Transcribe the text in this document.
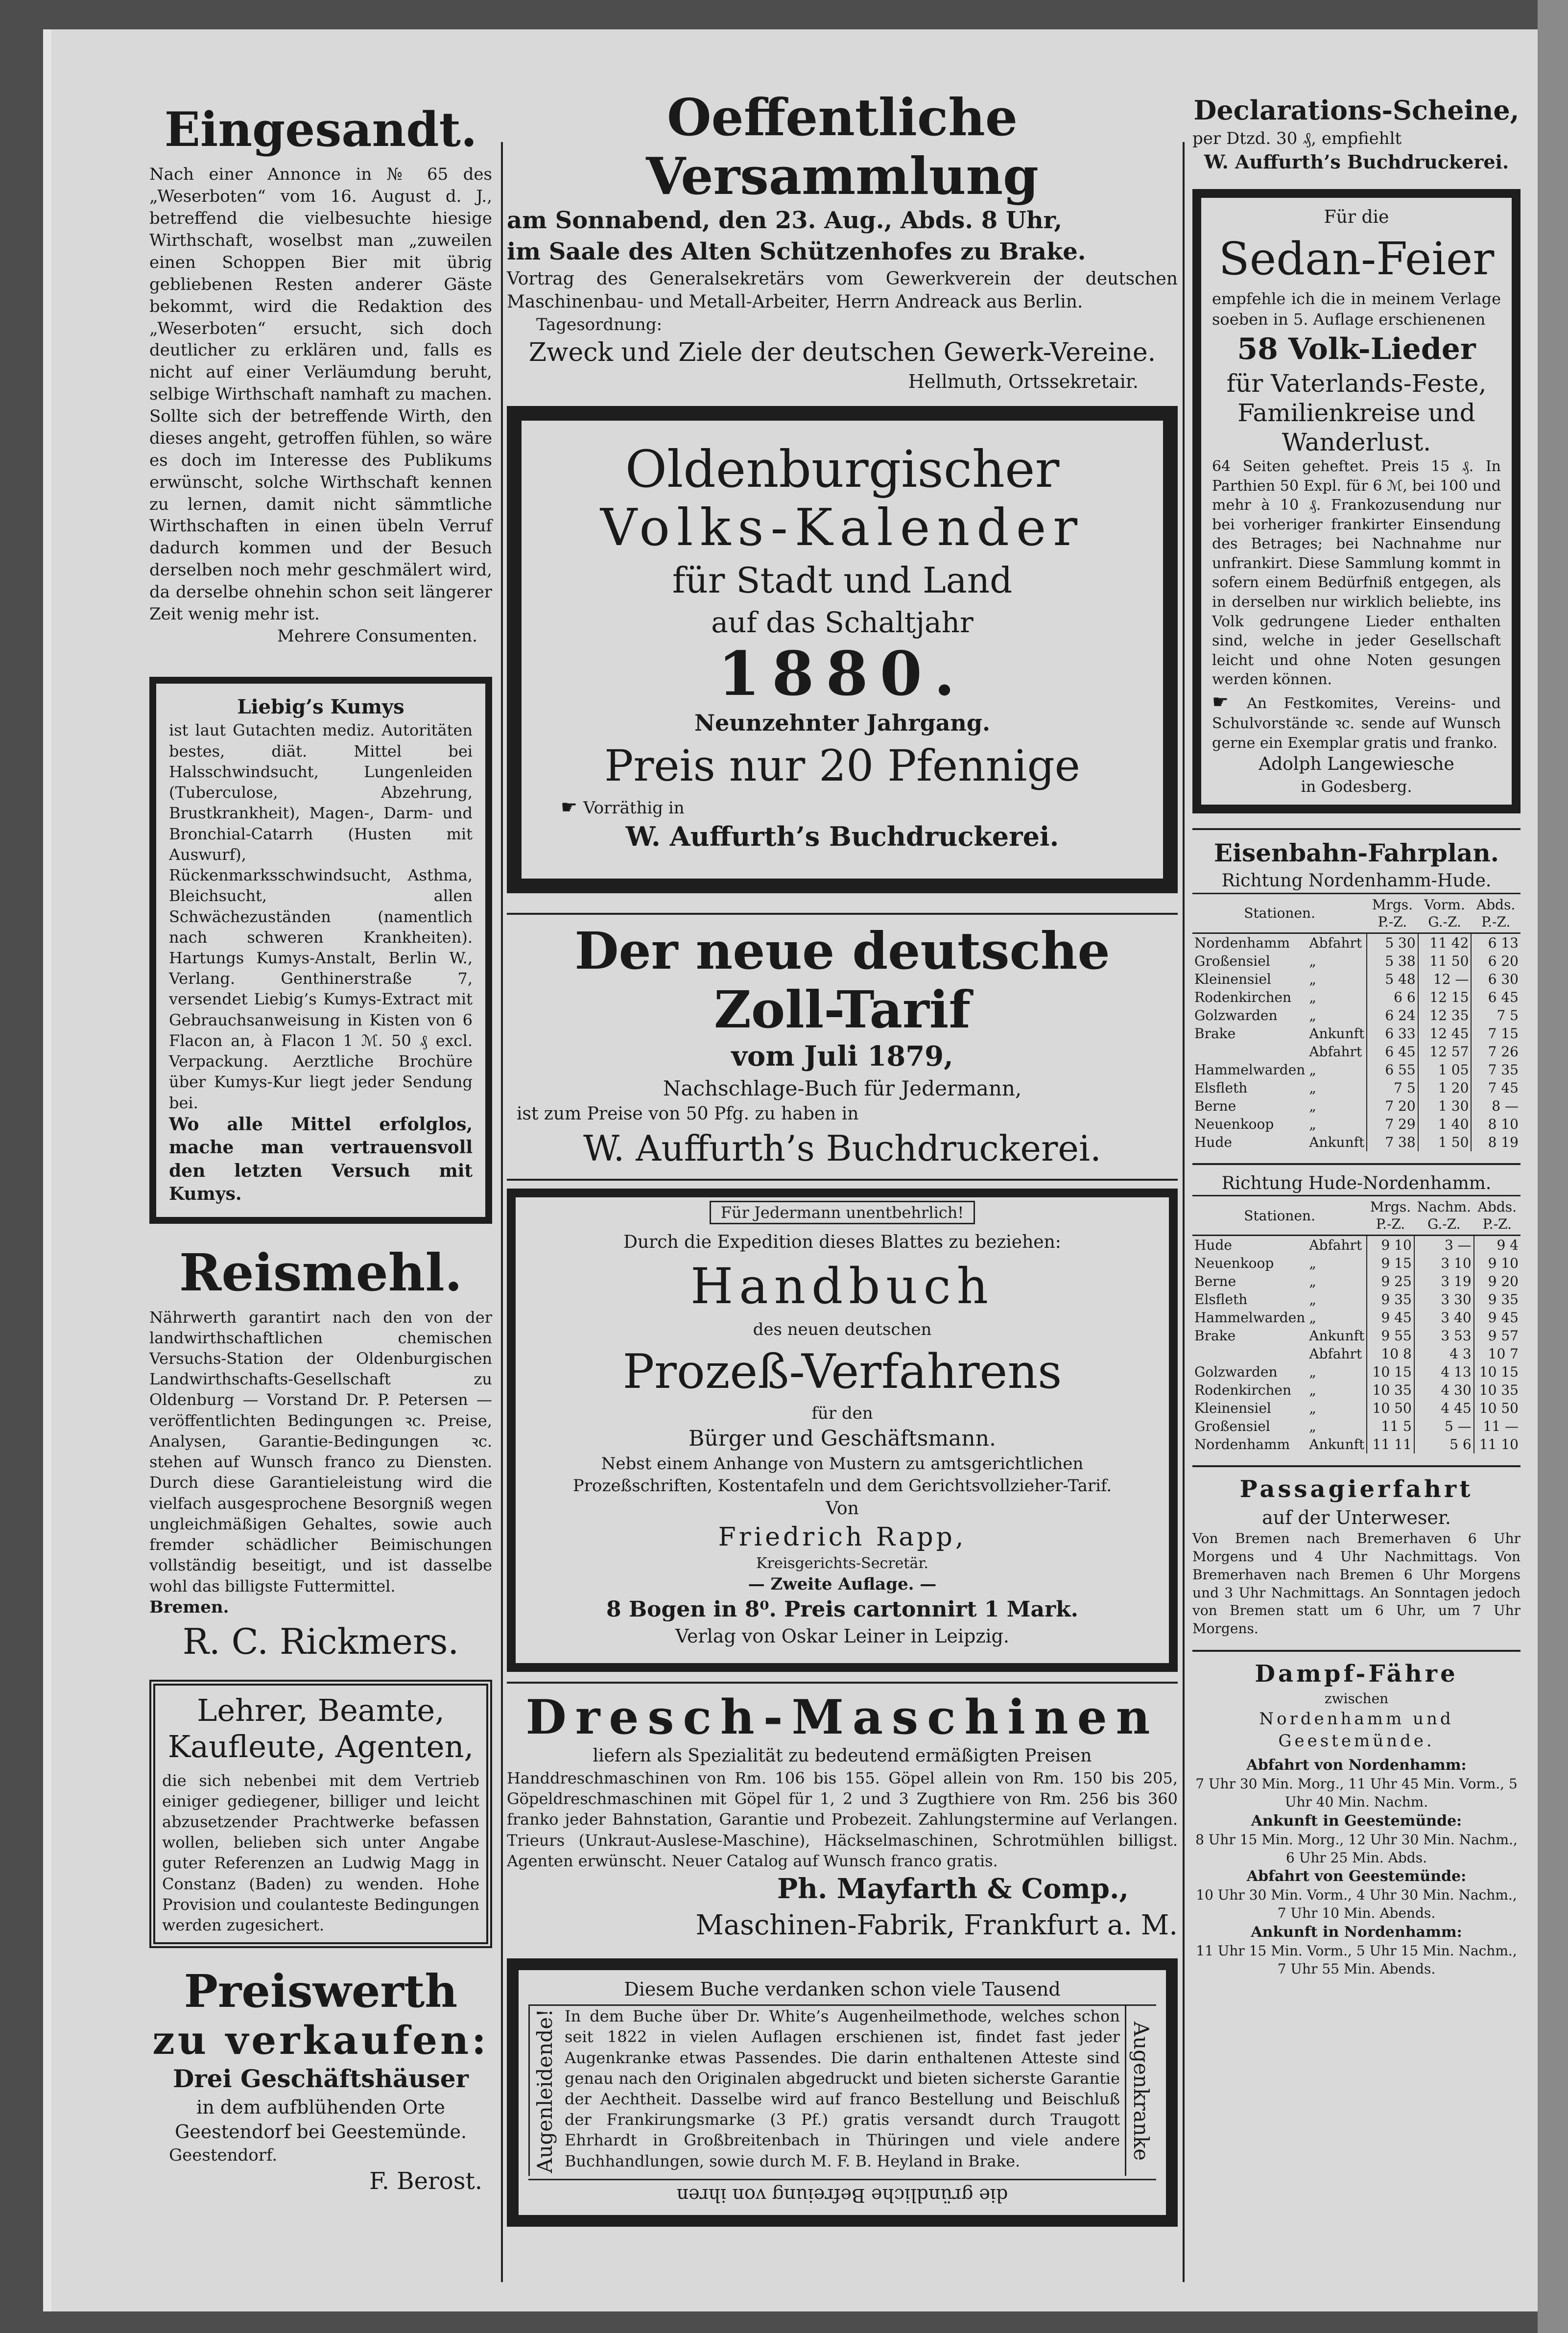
Eingesandt.

Nach einer Annonce in № 65 des „Weserboten“ vom 16. August d. J., betreffend die vielbesuchte hiesige Wirthschaft, woselbst man „zuweilen einen Schoppen Bier mit übrig gebliebenen Resten anderer Gäste bekommt, wird die Redaktion des „Weserboten“ ersucht, sich doch deutlicher zu erklären und, falls es nicht auf einer Verläumdung beruht, selbige Wirthschaft namhaft zu machen. Sollte sich der betreffende Wirth, den dieses angeht, getroffen fühlen, so wäre es doch im Interesse des Publikums erwünscht, solche Wirthschaft kennen zu lernen, damit nicht sämmtliche Wirthschaften in einen übeln Verruf dadurch kommen und der Besuch derselben noch mehr geschmälert wird, da derselbe ohnehin schon seit längerer Zeit wenig mehr ist.

Mehrere Consumenten.

Liebig’s Kumys

ist laut Gutachten mediz. Autoritäten bestes, diät. Mittel bei Halsschwindsucht, Lungenleiden (Tuberculose, Abzehrung, Brustkrankheit), Magen-, Darm- und Bronchial-Catarrh (Husten mit Auswurf), Rückenmarksschwindsucht, Asthma, Bleichsucht, allen Schwächezuständen (namentlich nach schweren Krankheiten). Hartungs Kumys-Anstalt, Berlin W., Verlang. Genthinerstraße 7, versendet Liebig’s Kumys-Extract mit Gebrauchsanweisung in Kisten von 6 Flacon an, à Flacon 1 ℳ. 50 ₰ excl. Verpackung. Aerztliche Brochüre über Kumys-Kur liegt jeder Sendung bei.

Wo alle Mittel erfolglos, mache man vertrauensvoll den letzten Versuch mit Kumys.

Reismehl.

Nährwerth garantirt nach den von der landwirthschaftlichen chemischen Versuchs-Station der Oldenburgischen Landwirthschafts-Gesellschaft zu Oldenburg — Vorstand Dr. P. Petersen — veröffentlichten Bedingungen ꝛc. Preise, Analysen, Garantie-Bedingungen ꝛc. stehen auf Wunsch franco zu Diensten. Durch diese Garantieleistung wird die vielfach ausgesprochene Besorgniß wegen ungleichmäßigen Gehaltes, sowie auch fremder schädlicher Beimischungen vollständig beseitigt, und ist dasselbe wohl das billigste Futtermittel.

Bremen.

R. C. Rickmers.

Lehrer, Beamte, Kaufleute, Agenten,

die sich nebenbei mit dem Vertrieb einiger gediegener, billiger und leicht abzusetzender Prachtwerke befassen wollen, belieben sich unter Angabe guter Referenzen an Ludwig Magg in Constanz (Baden) zu wenden. Hohe Provision und coulanteste Bedingungen werden zugesichert.

Preiswerth
zu verkaufen:

Drei Geschäftshäuser

in dem aufblühenden Orte Geestendorf bei Geestemünde.

Geestendorf.

F. Berost.

Oeffentliche Versammlung

am Sonnabend, den 23. Aug., Abds. 8 Uhr,

im Saale des Alten Schützenhofes zu Brake.

Vortrag des Generalsekretärs vom Gewerkverein der deutschen Maschinenbau- und Metall-Arbeiter, Herrn Andreack aus Berlin.

Tagesordnung:

Zweck und Ziele der deutschen Gewerk-Vereine.

Hellmuth, Ortssekretair.

Oldenburgischer

Volks-Kalender

für Stadt und Land

auf das Schaltjahr

1880.

Neunzehnter Jahrgang.

Preis nur 20 Pfennige

☛ Vorräthig in

W. Auffurth’s Buchdruckerei.

Der neue deutsche Zoll-Tarif

vom Juli 1879,

Nachschlage-Buch für Jedermann,

ist zum Preise von 50 Pfg. zu haben in

W. Auffurth’s Buchdruckerei.

Für Jedermann unentbehrlich!

Durch die Expedition dieses Blattes zu beziehen:

Handbuch

des neuen deutschen

Prozeß-Verfahrens

für den

Bürger und Geschäftsmann.

Nebst einem Anhange von Mustern zu amtsgerichtlichen Prozeßschriften, Kostentafeln und dem Gerichtsvollzieher-Tarif.

Von

Friedrich Rapp,

Kreisgerichts-Secretär.

— Zweite Auflage. —

8 Bogen in 8⁰. Preis cartonnirt 1 Mark.

Verlag von Oskar Leiner in Leipzig.

Dresch-Maschinen

liefern als Spezialität zu bedeutend ermäßigten Preisen

Handdreschmaschinen von Rm. 106 bis 155. Göpel allein von Rm. 150 bis 205, Göpeldreschmaschinen mit Göpel für 1, 2 und 3 Zugthiere von Rm. 256 bis 360 franko jeder Bahnstation, Garantie und Probezeit. Zahlungstermine auf Verlangen. Trieurs (Unkraut-Auslese-Maschine), Häckselmaschinen, Schrotmühlen billigst. Agenten erwünscht. Neuer Catalog auf Wunsch franco gratis.

Ph. Mayfarth & Comp.,

Maschinen-Fabrik, Frankfurt a. M.

Diesem Buche verdanken schon viele Tausend

Augenleidende! In dem Buche über Dr. White’s Augenheilmethode, welches schon seit 1822 in vielen Auflagen erschienen ist, findet fast jeder Augenkranke etwas Passendes. Die darin enthaltenen Atteste sind genau nach den Originalen abgedruckt und bieten sicherste Garantie der Aechtheit. Dasselbe wird auf franco Bestellung und Beischluß der Frankirungsmarke (3 Pf.) gratis versandt durch Traugott Ehrhardt in Großbreitenbach in Thüringen und viele andere Buchhandlungen, sowie durch M. F. B. Heyland in Brake.

Augenkranke

die gründliche Befreiung von ihren

Declarations-Scheine,

per Dtzd. 30 ₰, empfiehlt

W. Auffurth’s Buchdruckerei.

Für die

Sedan-Feier

empfehle ich die in meinem Verlage soeben in 5. Auflage erschienenen

58 Volk-Lieder

für Vaterlands-Feste, Familienkreise und Wanderlust.

64 Seiten geheftet. Preis 15 ₰. In Parthien 50 Expl. für 6 ℳ, bei 100 und mehr à 10 ₰. Frankozusendung nur bei vorheriger frankirter Einsendung des Betrages; bei Nachnahme nur unfrankirt. Diese Sammlung kommt in sofern einem Bedürfniß entgegen, als in derselben nur wirklich beliebte, ins Volk gedrungene Lieder enthalten sind, welche in jeder Gesellschaft leicht und ohne Noten gesungen werden können.

☛ An Festkomites, Vereins- und Schulvorstände ꝛc. sende auf Wunsch gerne ein Exemplar gratis und franko.

Adolph Langewiesche

in Godesberg.

Eisenbahn-Fahrplan.

Richtung Nordenhamm-Hude.

Stationen.		Mrgs. P.-Z.	Vorm. G.-Z.	Abds. P.-Z.
Nordenhamm	Abfahrt	5 30	11 42	6 13
Großensiel	„	5 38	11 50	6 20
Kleinensiel	„	5 48	12 —	6 30
Rodenkirchen	„	6 6	12 15	6 45
Golzwarden	„	6 24	12 35	7 5
Brake	Ankunft	6 33	12 45	7 15
	Abfahrt	6 45	12 57	7 26
Hammelwarden	„	6 55	1 05	7 35
Elsfleth	„	7 5	1 20	7 45
Berne	„	7 20	1 30	8 —
Neuenkoop	„	7 29	1 40	8 10
Hude	Ankunft	7 38	1 50	8 19

Richtung Hude-Nordenhamm.

Stationen.		Mrgs. P.-Z.	Nachm. G.-Z.	Abds. P.-Z.
Hude	Abfahrt	9 10	3 —	9 4
Neuenkoop	„	9 15	3 10	9 10
Berne	„	9 25	3 19	9 20
Elsfleth	„	9 35	3 30	9 35
Hammelwarden	„	9 45	3 40	9 45
Brake	Ankunft	9 55	3 53	9 57
	Abfahrt	10 8	4 3	10 7
Golzwarden	„	10 15	4 13	10 15
Rodenkirchen	„	10 35	4 30	10 35
Kleinensiel	„	10 50	4 45	10 50
Großensiel	„	11 5	5 —	11 —
Nordenhamm	Ankunft	11 11	5 6	11 10

Passagierfahrt

auf der Unterweser.

Von Bremen nach Bremerhaven 6 Uhr Morgens und 4 Uhr Nachmittags. Von Bremerhaven nach Bremen 6 Uhr Morgens und 3 Uhr Nachmittags. An Sonntagen jedoch von Bremen statt um 6 Uhr, um 7 Uhr Morgens.

Dampf-Fähre

zwischen

Nordenhamm und Geestemünde.

Abfahrt von Nordenhamm:

7 Uhr 30 Min. Morg., 11 Uhr 45 Min. Vorm., 5 Uhr 40 Min. Nachm.

Ankunft in Geestemünde:

8 Uhr 15 Min. Morg., 12 Uhr 30 Min. Nachm., 6 Uhr 25 Min. Abds.

Abfahrt von Geestemünde:

10 Uhr 30 Min. Vorm., 4 Uhr 30 Min. Nachm., 7 Uhr 10 Min. Abends.

Ankunft in Nordenhamm:

11 Uhr 15 Min. Vorm., 5 Uhr 15 Min. Nachm., 7 Uhr 55 Min. Abends.
